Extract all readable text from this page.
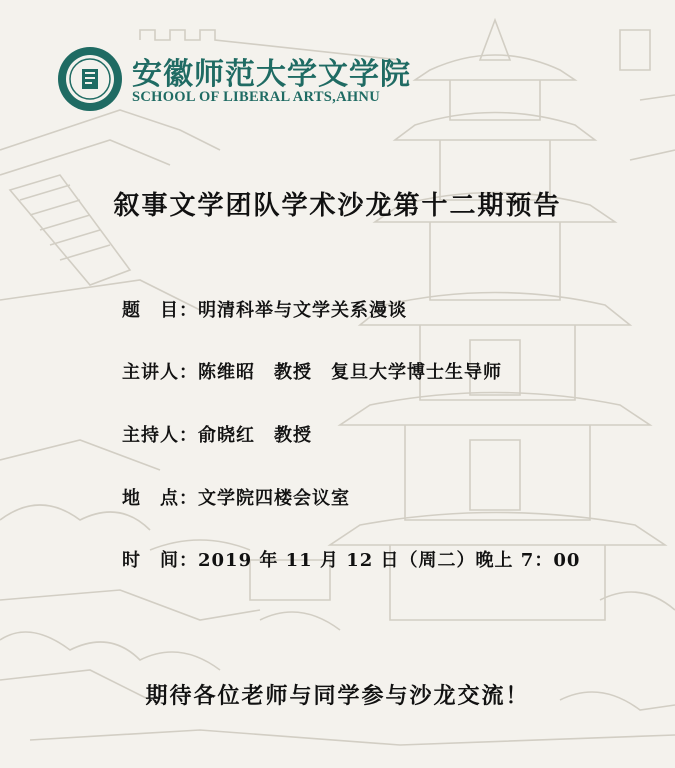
安徽师范大学文学院
SCHOOL OF LIBERAL ARTS,AHNU
叙事文学团队学术沙龙第十二期预告
题　目：明清科举与文学关系漫谈
主讲人：陈维昭　教授　复旦大学博士生导师
主持人：俞晓红　教授
地　点：文学院四楼会议室
时　间：2019 年 11 月 12 日（周二）晚上 7：00
期待各位老师与同学参与沙龙交流！
